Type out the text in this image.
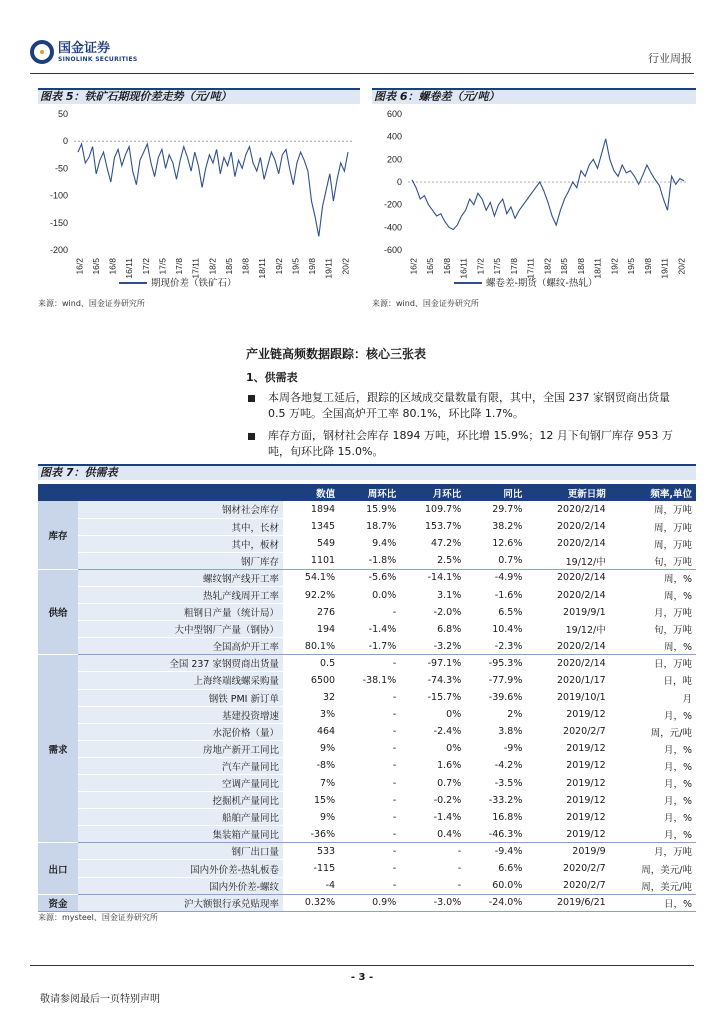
国金证券
SINOLINK SECURITIES	行业周报
图表 5：铁矿石期现价差走势（元/吨）
50
0
-50
-100
-150
-200
16/2 16/5 16/8 16/11 17/2 17/5 17/8 17/11 18/2 18/5 18/8 18/11 19/2 19/5 19/8 19/11 20/2
期现价差（铁矿石）
来源：wind、国金证券研究所
图表 6：螺卷差（元/吨）
600
400
200
0
-200
-400
-600
16/2 16/5 16/8 16/11 17/2 17/5 17/8 17/11 18/2 18/5 18/8 18/11 19/2 19/5 19/8 19/11 20/2
螺卷差-期货（螺纹-热轧）
来源：wind、国金证券研究所
产业链高频数据跟踪：核心三张表
1、供需表
本周各地复工延后，跟踪的区域成交量数量有限，其中，全国 237 家钢贸商出货量 0.5 万吨。全国高炉开工率 80.1%，环比降 1.7%。
库存方面，钢材社会库存 1894 万吨，环比增 15.9%；12 月下旬钢厂库存 953 万吨，旬环比降 15.0%。
图表 7：供需表
		数值	周环比	月环比	同比	更新日期	频率,单位
库存	钢材社会库存	1894	15.9%	109.7%	29.7%	2020/2/14	周，万吨
	其中，长材	1345	18.7%	153.7%	38.2%	2020/2/14	周，万吨
	其中，板材	549	9.4%	47.2%	12.6%	2020/2/14	周，万吨
	钢厂库存	1101	-1.8%	2.5%	0.7%	19/12/中	旬，万吨
供给	螺纹钢产线开工率	54.1%	-5.6%	-14.1%	-4.9%	2020/2/14	周，%
	热轧产线周开工率	92.2%	0.0%	3.1%	-1.6%	2020/2/14	周，%
	粗钢日产量（统计局）	276	-	-2.0%	6.5%	2019/9/1	月，万吨
	大中型钢厂产量（钢协）	194	-1.4%	6.8%	10.4%	19/12/中	旬，万吨
	全国高炉开工率	80.1%	-1.7%	-3.2%	-2.3%	2020/2/14	周，%
需求	全国 237 家钢贸商出货量	0.5	-	-97.1%	-95.3%	2020/2/14	日，万吨
	上海终端线螺采购量	6500	-38.1%	-74.3%	-77.9%	2020/1/17	日，吨
	钢铁 PMI 新订单	32	-	-15.7%	-39.6%	2019/10/1	月
	基建投资增速	3%	-	0%	2%	2019/12	月，%
	水泥价格（量）	464	-	-2.4%	3.8%	2020/2/7	周，元/吨
	房地产新开工同比	9%	-	0%	-9%	2019/12	月，%
	汽车产量同比	-8%	-	1.6%	-4.2%	2019/12	月，%
	空调产量同比	7%	-	0.7%	-3.5%	2019/12	月，%
	挖掘机产量同比	15%	-	-0.2%	-33.2%	2019/12	月，%
	船舶产量同比	9%	-	-1.4%	16.8%	2019/12	月，%
	集装箱产量同比	-36%	-	0.4%	-46.3%	2019/12	月，%
出口	钢厂出口量	533	-	-	-9.4%	2019/9	月，万吨
	国内外价差-热轧板卷	-115	-	-	6.6%	2020/2/7	周，美元/吨
	国内外价差-螺纹	-4	-	-	60.0%	2020/2/7	周，美元/吨
资金	沪大额银行承兑贴现率	0.32%	0.9%	-3.0%	-24.0%	2019/6/21	日，%
来源：mysteel、国金证券研究所
- 3 -
敬请参阅最后一页特别声明
